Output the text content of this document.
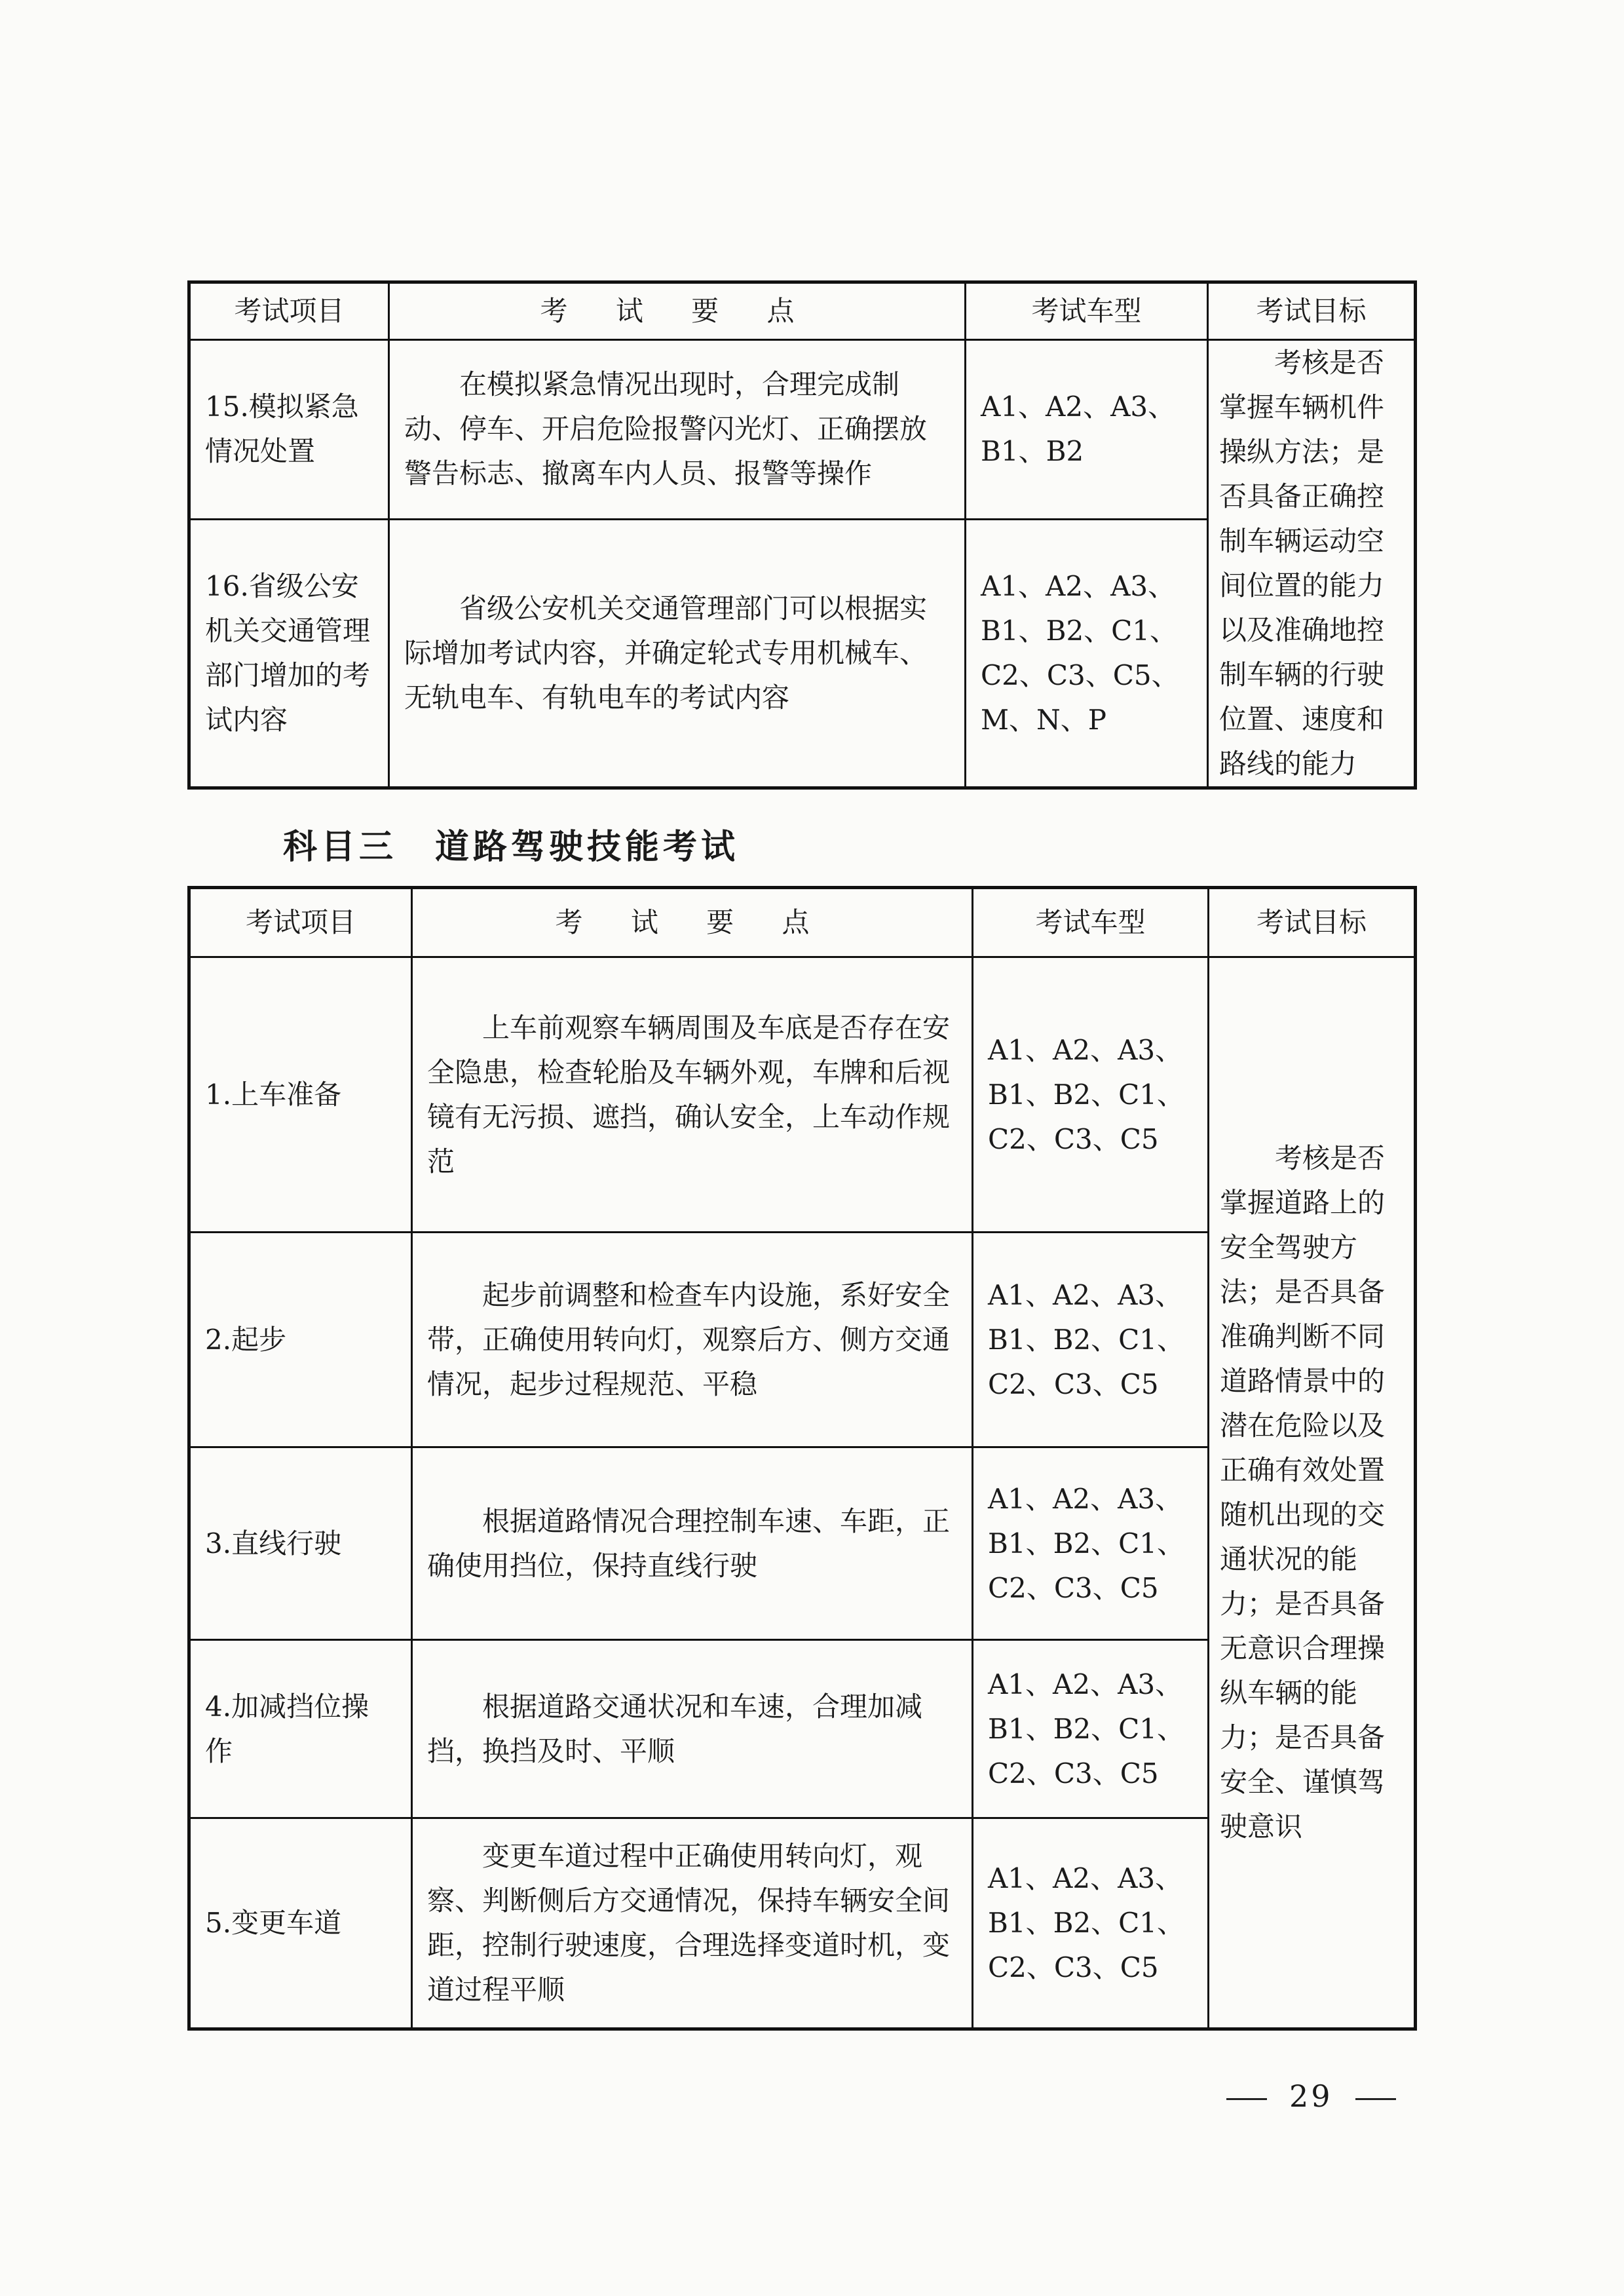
考试项目	考 试 要 点	考试车型	考试目标
15.模拟紧急情况处置	在模拟紧急情况出现时，合理完成制动、停车、开启危险报警闪光灯、正确摆放警告标志、撤离车内人员、报警等操作	A1、A2、A3、B1、B2	考核是否掌握车辆机件操纵方法；是否具备正确控制车辆运动空间位置的能力以及准确地控制车辆的行驶位置、速度和路线的能力
16.省级公安机关交通管理部门增加的考试内容	省级公安机关交通管理部门可以根据实际增加考试内容，并确定轮式专用机械车、无轨电车、有轨电车的考试内容	A1、A2、A3、B1、B2、C1、C2、C3、C5、M、N、P	
科目三　道路驾驶技能考试
考试项目	考 试 要 点	考试车型	考试目标
1.上车准备	上车前观察车辆周围及车底是否存在安全隐患，检查轮胎及车辆外观，车牌和后视镜有无污损、遮挡，确认安全，上车动作规范	A1、A2、A3、B1、B2、C1、C2、C3、C5	考核是否掌握道路上的安全驾驶方法；是否具备准确判断不同道路情景中的潜在危险以及正确有效处置随机出现的交通状况的能力；是否具备无意识合理操纵车辆的能力；是否具备安全、谨慎驾驶意识
2.起步	起步前调整和检查车内设施，系好安全带，正确使用转向灯，观察后方、侧方交通情况，起步过程规范、平稳	A1、A2、A3、B1、B2、C1、C2、C3、C5	
3.直线行驶	根据道路情况合理控制车速、车距，正确使用挡位，保持直线行驶	A1、A2、A3、B1、B2、C1、C2、C3、C5	
4.加减挡位操作	根据道路交通状况和车速，合理加减挡，换挡及时、平顺	A1、A2、A3、B1、B2、C1、C2、C3、C5	
5.变更车道	变更车道过程中正确使用转向灯，观察、判断侧后方交通情况，保持车辆安全间距，控制行驶速度，合理选择变道时机，变道过程平顺	A1、A2、A3、B1、B2、C1、C2、C3、C5	
29
